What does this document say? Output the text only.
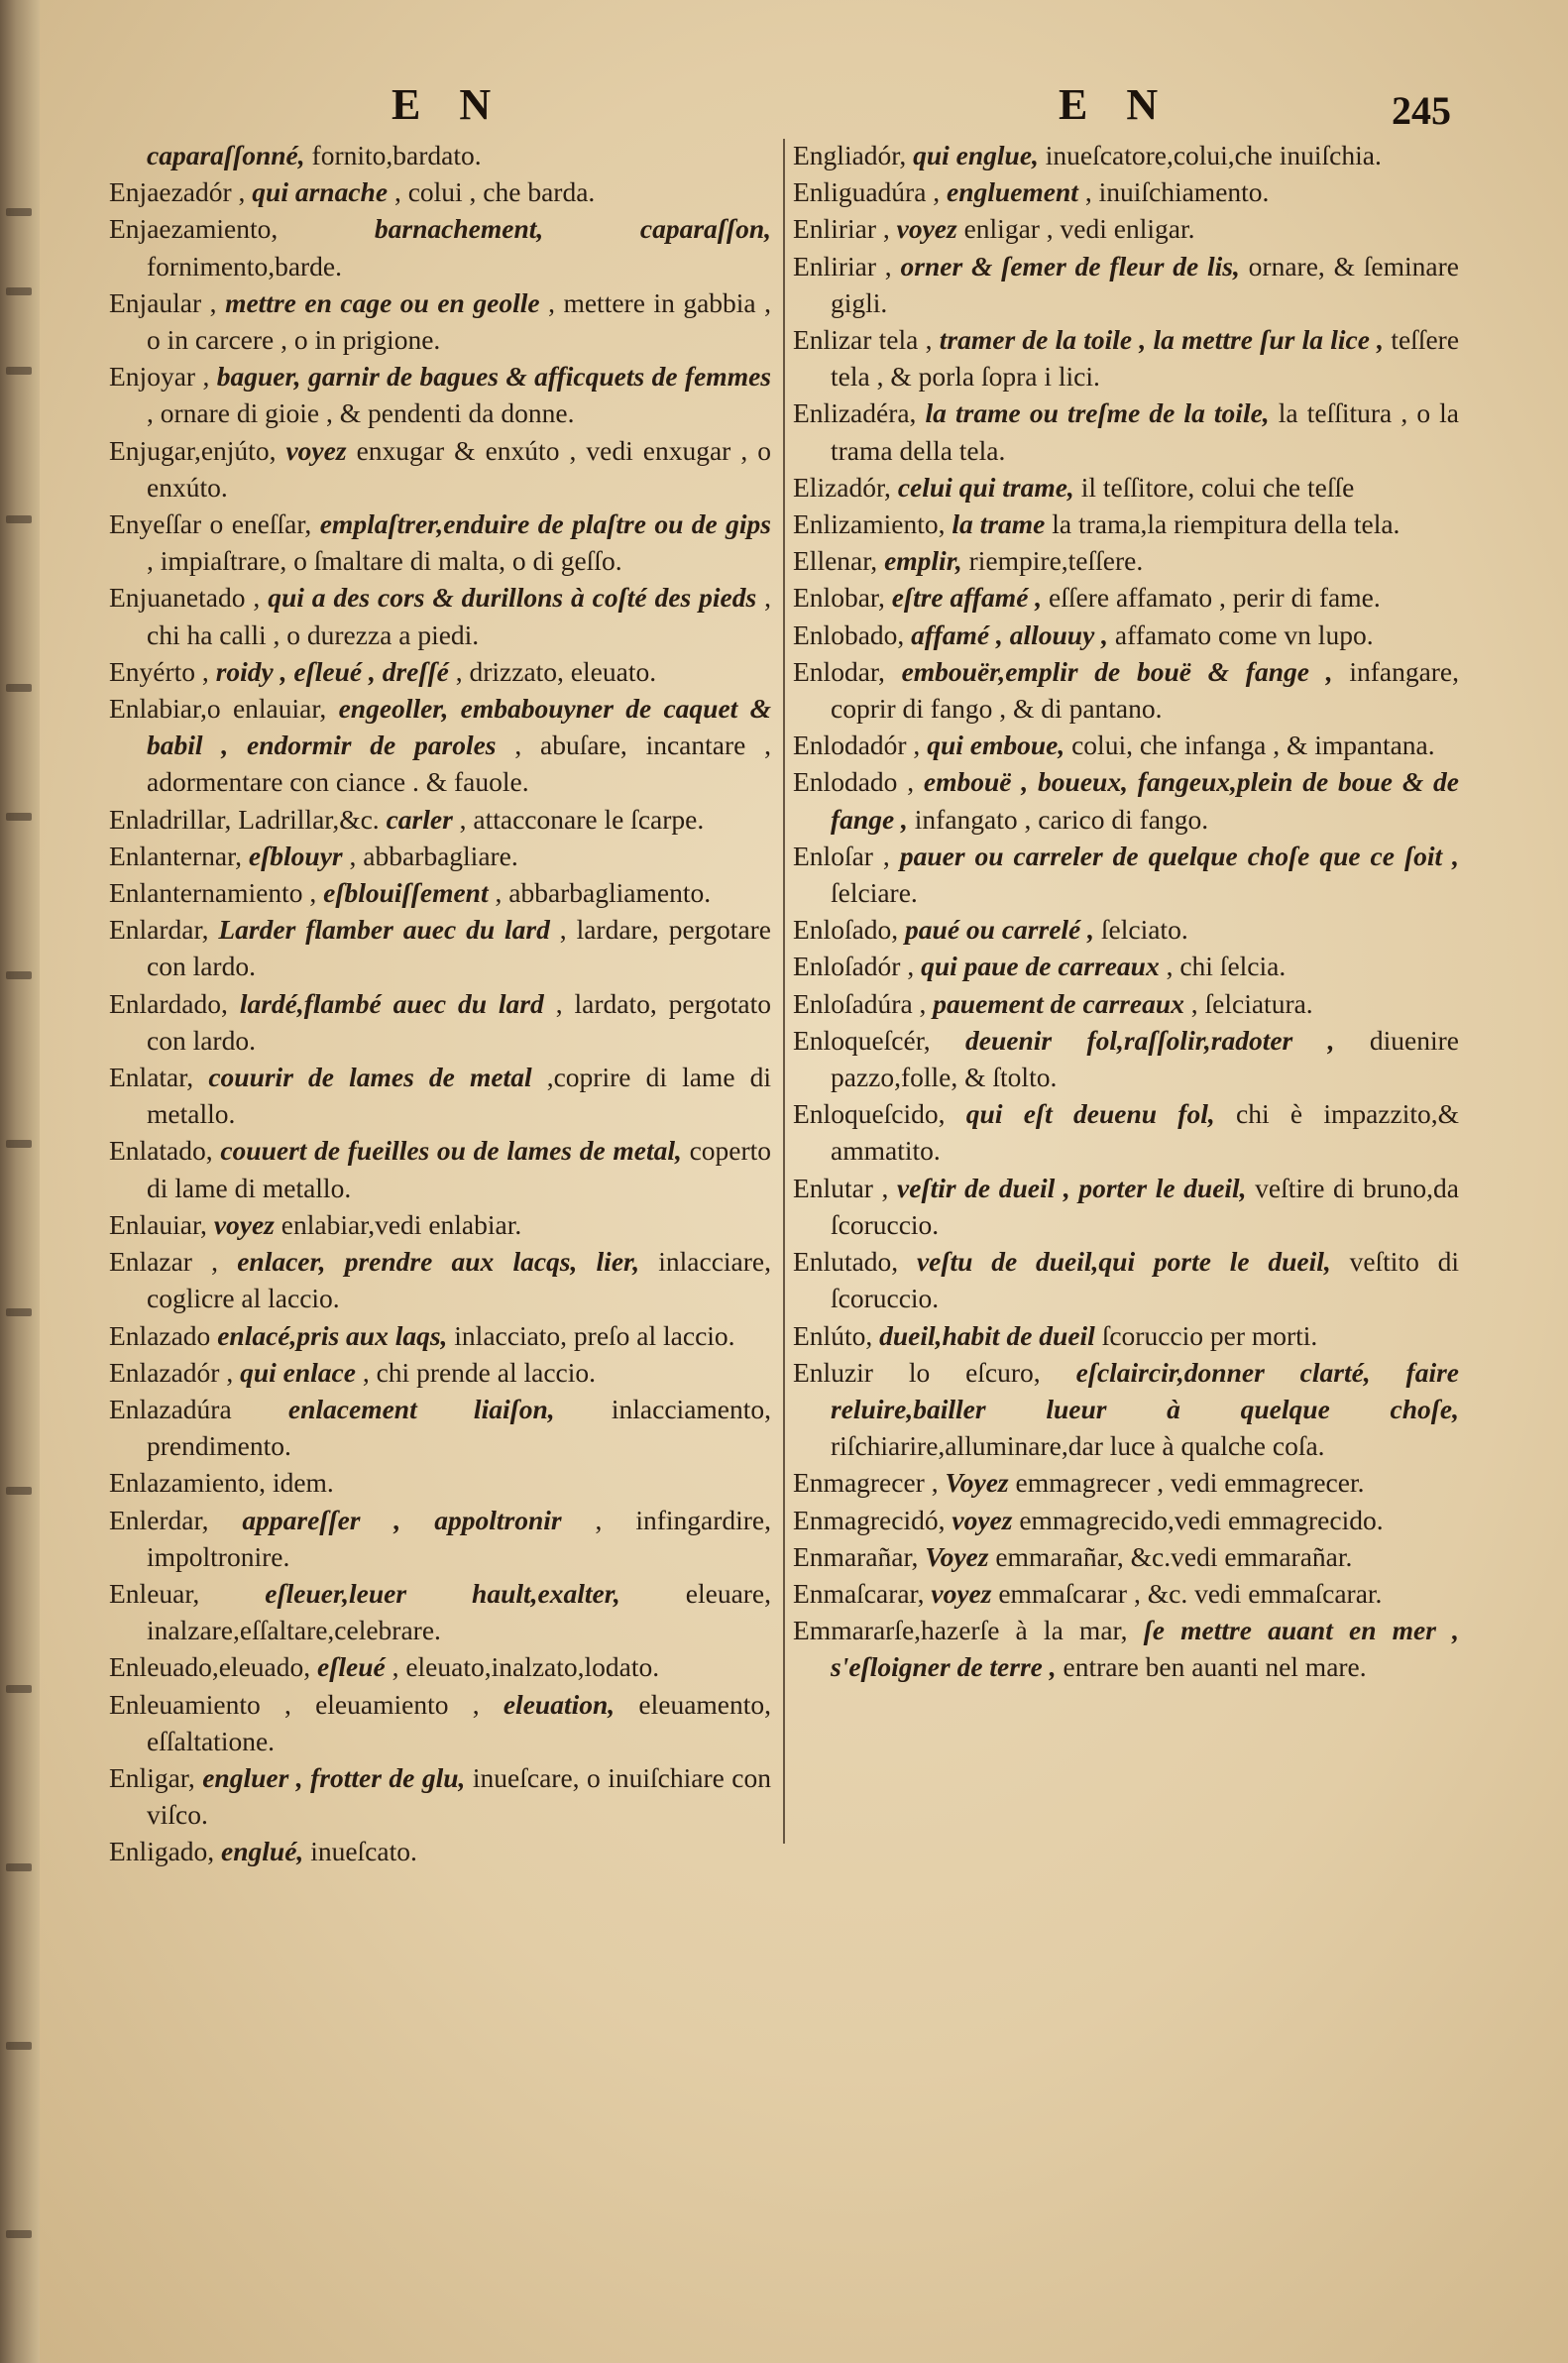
E N	E N	245

caparaſſonné, fornito,bardato.

Enjaezadór , qui arnache , colui , che barda.

Enjaezamiento,	barnachement, caparaſſon, fornimento,barde.

Enjaular , mettre en cage ou en geolle , mettere in gabbia , o in carcere , o in prigione.

Enjoyar , baguer, garnir de bagues & afficquets de femmes , ornare di gioie , & pendenti da donne.

Enjugar,enjúto, voyez enxugar & enxúto , vedi enxugar , o enxúto.

Enyeſſar o eneſſar, emplaſtrer,enduire de plaſtre ou de gips , impiaſtrare, o ſmaltare di malta, o di geſſo.

Enjuanetado , qui a des cors & durillons à coſté des pieds , chi ha calli , o durezza a piedi.

Enyérto , roidy , eſleué , dreſſé , drizzato, eleuato.

Enlabiar,o enlauiar, engeoller, embabouyner de caquet & babil , endormir de paroles , abuſare, incantare , adormentare con ciance . & fauole.

Enladrillar, Ladrillar,&c. carler , attacconare le ſcarpe.

Enlanternar, eſblouyr , abbarbagliare.

Enlanternamiento , eſblouiſſement , abbarbagliamento.

Enlardar, Larder flamber auec du lard , lardare, pergotare con lardo.

Enlardado, lardé,flambé auec du lard , lardato, pergotato con lardo.

Enlatar, couurir de lames de metal ,coprire di lame di metallo.

Enlatado, couuert de fueilles ou de lames de metal, coperto di lame di metallo.

Enlauiar, voyez enlabiar,vedi enlabiar.

Enlazar , enlacer, prendre aux lacqs, lier, inlacciare, coglicre al laccio.

Enlazado enlacé,pris aux laqs, inlacciato, preſo al laccio.

Enlazadór , qui enlace , chi prende al laccio.

Enlazadúra enlacement liaiſon, inlacciamento, prendimento.

Enlazamiento, idem.

Enlerdar, appareſſer , appoltronir , infingardire, impoltronire.

Enleuar, eſleuer,leuer hault,exalter, eleuare, inalzare,eſſaltare,celebrare.

Enleuado,eleuado, eſleué , eleuato,inalzato,lodato.

Enleuamiento , eleuamiento , eleuation, eleuamento, eſſaltatione.

Enligar, engluer , frotter de glu, inueſcare, o inuiſchiare con viſco.

Enligado, englué, inueſcato.

Engliadór, qui englue, inueſcatore,colui,che inuiſchia.

Enliguadúra , engluement , inuiſchiamento.

Enliriar , voyez enligar , vedi enligar.

Enliriar , orner & ſemer de fleur de lis, ornare, & ſeminare gigli.

Enlizar tela , tramer de la toile , la mettre ſur la lice , teſſere tela , & porla ſopra i lici.

Enlizadéra, la trame ou treſme de la toile, la teſſitura , o la trama della tela.

Elizadór, celui qui trame, il teſſitore, colui che teſſe

Enlizamiento, la trame la trama,la riempitura della tela.

Ellenar, emplir, riempire,teſſere.

Enlobar, eſtre affamé , eſſere affamato , perir di fame.

Enlobado, affamé , allouuy , affamato come vn lupo.

Enlodar, embouër,emplir de bouë & fange , infangare, coprir di fango , & di pantano.

Enlodadór , qui emboue, colui, che infanga , & impantana.

Enlodado , embouë , boueux, fangeux,plein de boue & de fange , infangato , carico di fango.

Enloſar , pauer ou carreler de quelque choſe que ce ſoit , ſelciare.

Enloſado, paué ou carrelé , ſelciato.

Enloſadór , qui paue de carreaux , chi ſelcia.

Enloſadúra , pauement de carreaux , ſelciatura.

Enloqueſcér, deuenir fol,raſſolir,radoter , diuenire pazzo,folle, & ſtolto.

Enloqueſcido, qui eſt deuenu fol, chi è impazzito,& ammatito.

Enlutar , veſtir de dueil , porter le dueil, veſtire di bruno,da ſcoruccio.

Enlutado, veſtu de dueil,qui porte le dueil, veſtito di ſcoruccio.

Enlúto, dueil,habit de dueil ſcoruccio per morti.

Enluzir lo eſcuro, eſclaircir,donner clarté, faire reluire,bailler lueur à quelque choſe, riſchiarire,alluminare,dar luce à qualche coſa.

Enmagrecer , Voyez emmagrecer , vedi emmagrecer.

Enmagrecidó, voyez emmagrecido,vedi emmagrecido.

Enmarañar, Voyez emmarañar, &c.vedi emmarañar.

Enmaſcarar, voyez emmaſcarar , &c. vedi emmaſcarar.

Emmararſe,hazerſe à la mar, ſe mettre auant en mer , s'eſloigner de terre , entrare ben auanti nel mare.
